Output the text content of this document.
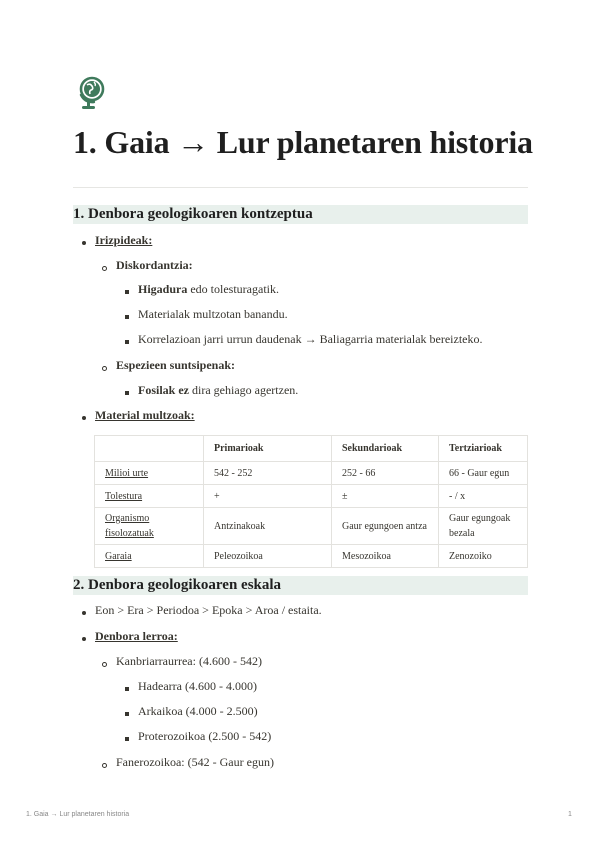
1. Gaia → Lur planetaren historia
1. Denbora geologikoaren kontzeptua
Irizpideak:
Diskordantzia:
Higadura edo tolesturagatik.
Materialak multzotan banandu.
Korrelazioan jarri urrun daudenak → Baliagarria materialak bereizteko.
Espezieen suntsipenak:
Fosilak ez dira gehiago agertzen.
Material multzoak:
	Primarioak	Sekundarioak	Tertziarioak
Milioi urte	542 - 252	252 - 66	66 - Gaur egun
Tolestura	+	±	- / x
Organismo fisolozatuak	Antzinakoak	Gaur egungoen antza	Gaur egungoak bezala
Garaia	Peleozoikoa	Mesozoikoa	Zenozoiko
2. Denbora geologikoaren eskala
Eon > Era > Periodoa > Epoka > Aroa / estaita.
Denbora lerroa:
Kanbriarraurrea: (4.600 - 542)
Hadearra (4.600 - 4.000)
Arkaikoa (4.000 - 2.500)
Proterozoikoa (2.500 - 542)
Fanerozoikoa: (542 - Gaur egun)
1. Gaia → Lur planetaren historia	1
